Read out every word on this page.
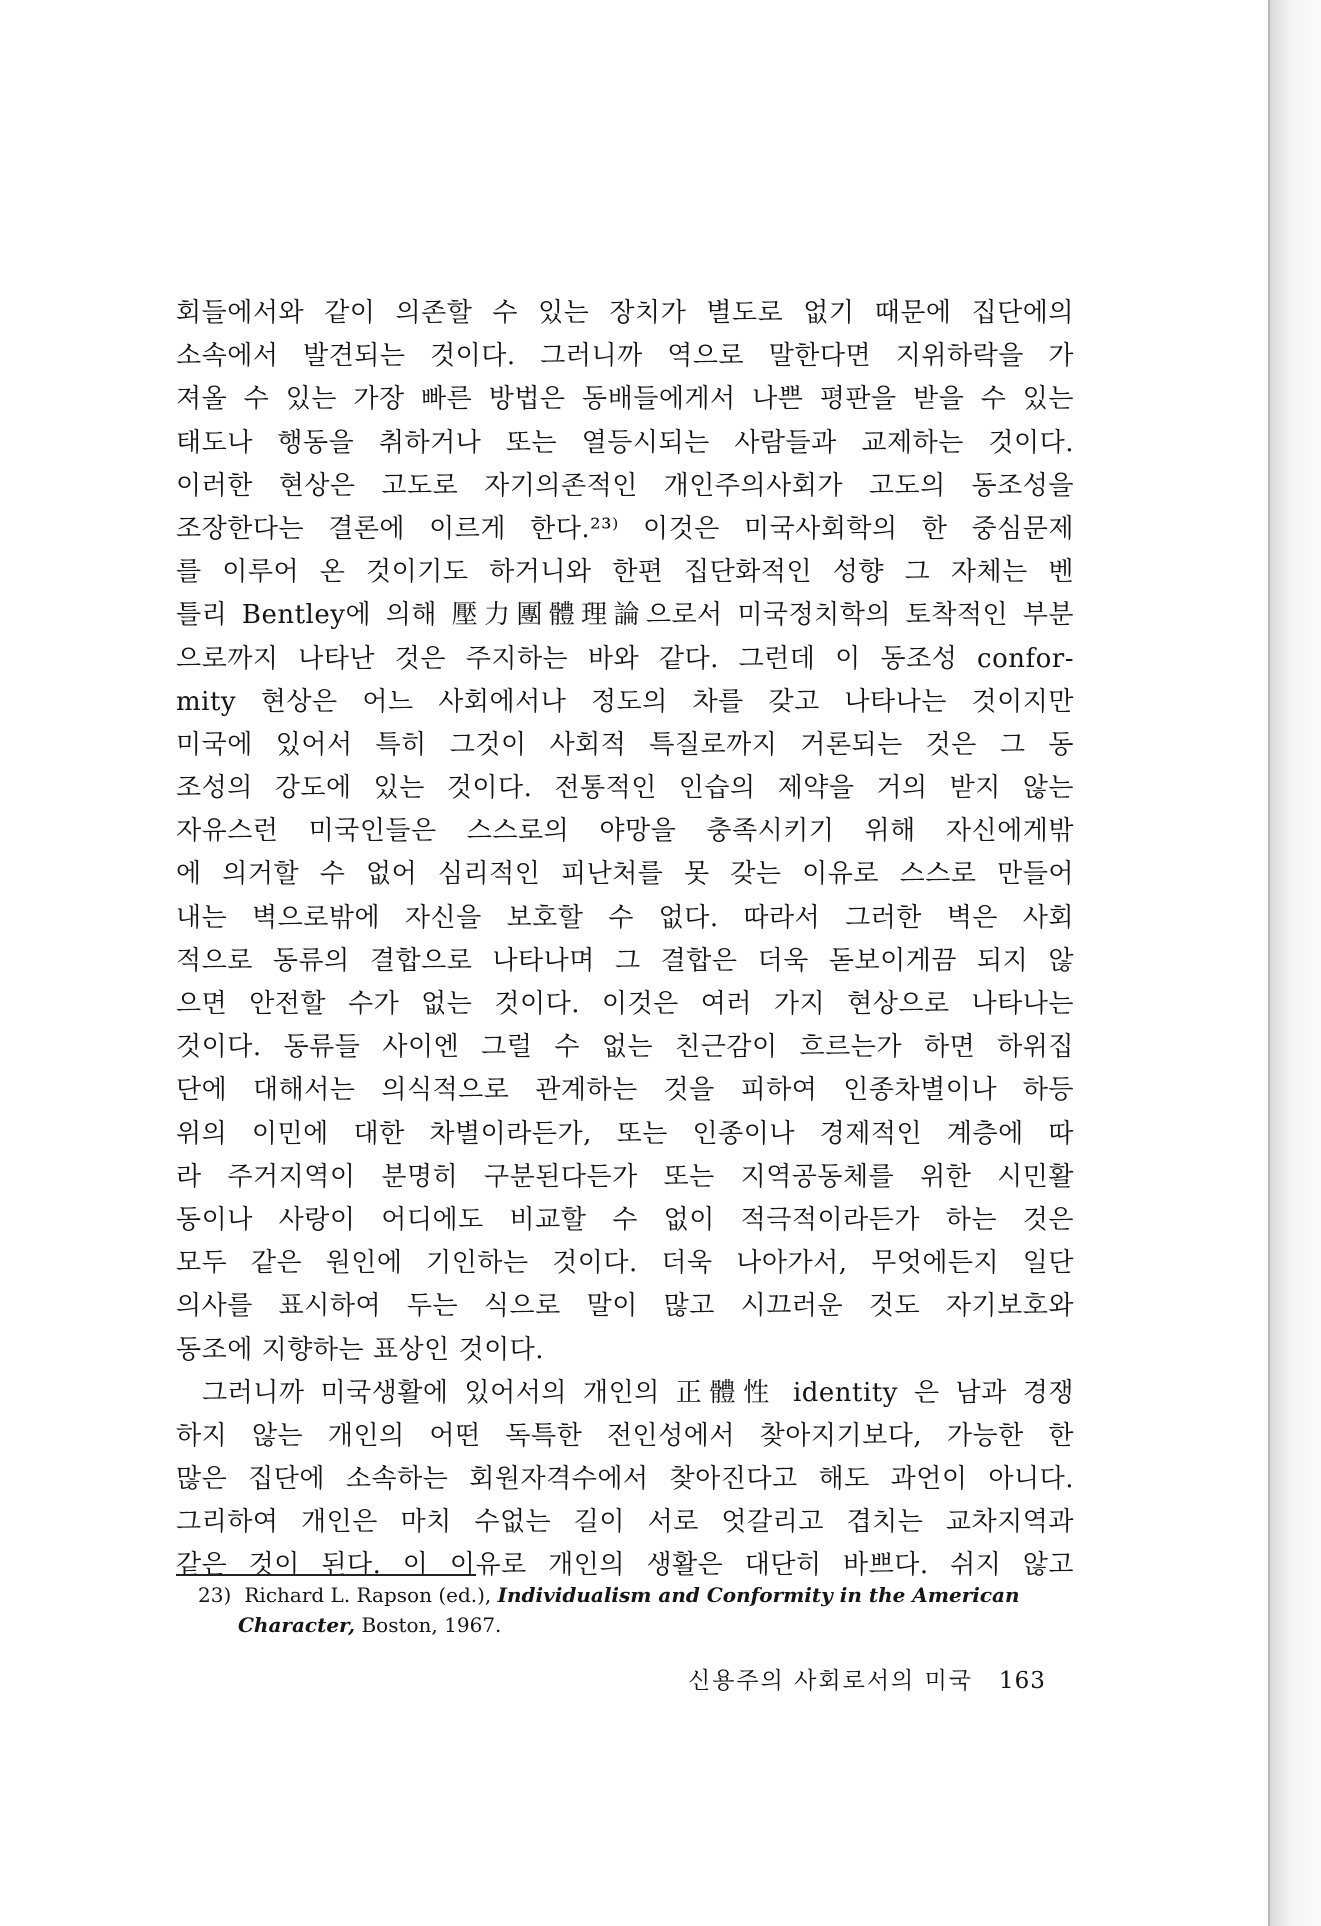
회들에서와 같이 의존할 수 있는 장치가 별도로 없기 때문에 집단에의
소속에서 발견되는 것이다. 그러니까 역으로 말한다면 지위하락을 가
져올 수 있는 가장 빠른 방법은 동배들에게서 나쁜 평판을 받을 수 있는
태도나 행동을 취하거나 또는 열등시되는 사람들과 교제하는 것이다.
이러한 현상은 고도로 자기의존적인 개인주의사회가 고도의 동조성을
조장한다는 결론에 이르게 한다.²³⁾ 이것은 미국사회학의 한 중심문제
를 이루어 온 것이기도 하거니와 한편 집단화적인 성향 그 자체는 벤
틀리 Bentley에 의해 壓力團體理論으로서 미국정치학의 토착적인 부분
으로까지 나타난 것은 주지하는 바와 같다. 그런데 이 동조성 confor-
mity 현상은 어느 사회에서나 정도의 차를 갖고 나타나는 것이지만
미국에 있어서 특히 그것이 사회적 특질로까지 거론되는 것은 그 동
조성의 강도에 있는 것이다. 전통적인 인습의 제약을 거의 받지 않는
자유스런 미국인들은 스스로의 야망을 충족시키기 위해 자신에게밖
에 의거할 수 없어 심리적인 피난처를 못 갖는 이유로 스스로 만들어
내는 벽으로밖에 자신을 보호할 수 없다. 따라서 그러한 벽은 사회
적으로 동류의 결합으로 나타나며 그 결합은 더욱 돋보이게끔 되지 않
으면 안전할 수가 없는 것이다. 이것은 여러 가지 현상으로 나타나는
것이다. 동류들 사이엔 그럴 수 없는 친근감이 흐르는가 하면 하위집
단에 대해서는 의식적으로 관계하는 것을 피하여 인종차별이나 하등
위의 이민에 대한 차별이라든가, 또는 인종이나 경제적인 계층에 따
라 주거지역이 분명히 구분된다든가 또는 지역공동체를 위한 시민활
동이나 사랑이 어디에도 비교할 수 없이 적극적이라든가 하는 것은
모두 같은 원인에 기인하는 것이다. 더욱 나아가서, 무엇에든지 일단
의사를 표시하여 두는 식으로 말이 많고 시끄러운 것도 자기보호와
동조에 지향하는 표상인 것이다.
그러니까 미국생활에 있어서의 개인의 正體性 identity 은 남과 경쟁
하지 않는 개인의 어떤 독특한 전인성에서 찾아지기보다, 가능한 한
많은 집단에 소속하는 회원자격수에서 찾아진다고 해도 과언이 아니다.
그리하여 개인은 마치 수없는 길이 서로 엇갈리고 겹치는 교차지역과
같은 것이 된다. 이 이유로 개인의 생활은 대단히 바쁘다. 쉬지 않고
23) Richard L. Rapson (ed.), Individualism and Conformity in the American
Character, Boston, 1967.
신용주의 사회로서의 미국 163
